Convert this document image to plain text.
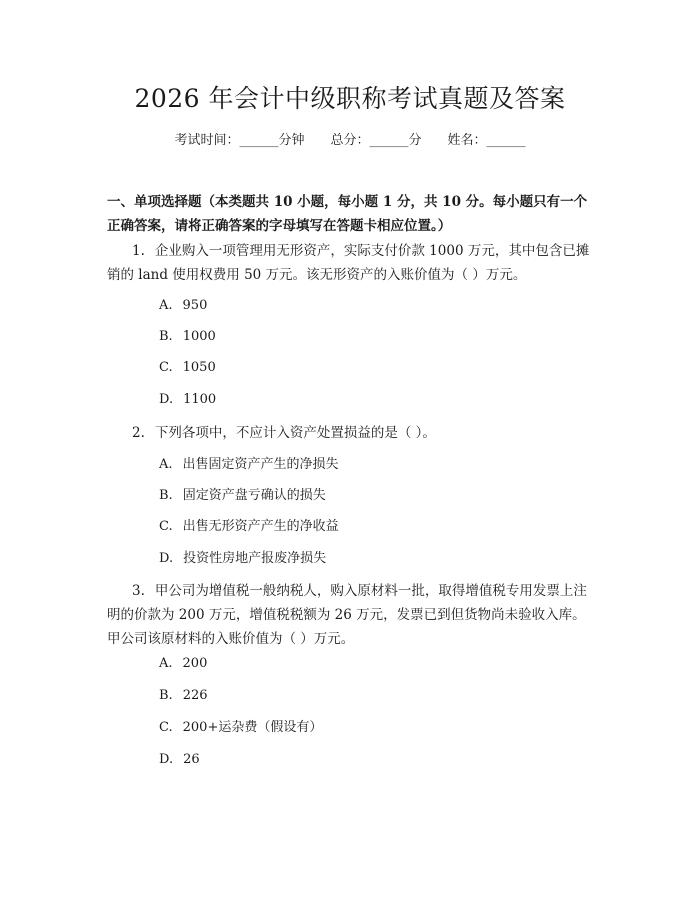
2026 年会计中级职称考试真题及答案
考试时间：______分钟 总分：______分 姓名：______
一、单项选择题（本类题共 10 小题，每小题 1 分，共 10 分。每小题只有一个正确答案，请将正确答案的字母填写在答题卡相应位置。）
1. 企业购入一项管理用无形资产，实际支付价款 1000 万元，其中包含已摊销的 land 使用权费用 50 万元。该无形资产的入账价值为（ ）万元。
A. 950
B. 1000
C. 1050
D. 1100
2. 下列各项中，不应计入资产处置损益的是（ ）。
A. 出售固定资产产生的净损失
B. 固定资产盘亏确认的损失
C. 出售无形资产产生的净收益
D. 投资性房地产报废净损失
3. 甲公司为增值税一般纳税人，购入原材料一批，取得增值税专用发票上注明的价款为 200 万元，增值税税额为 26 万元，发票已到但货物尚未验收入库。甲公司该原材料的入账价值为（ ）万元。
A. 200
B. 226
C. 200+运杂费（假设有）
D. 26
